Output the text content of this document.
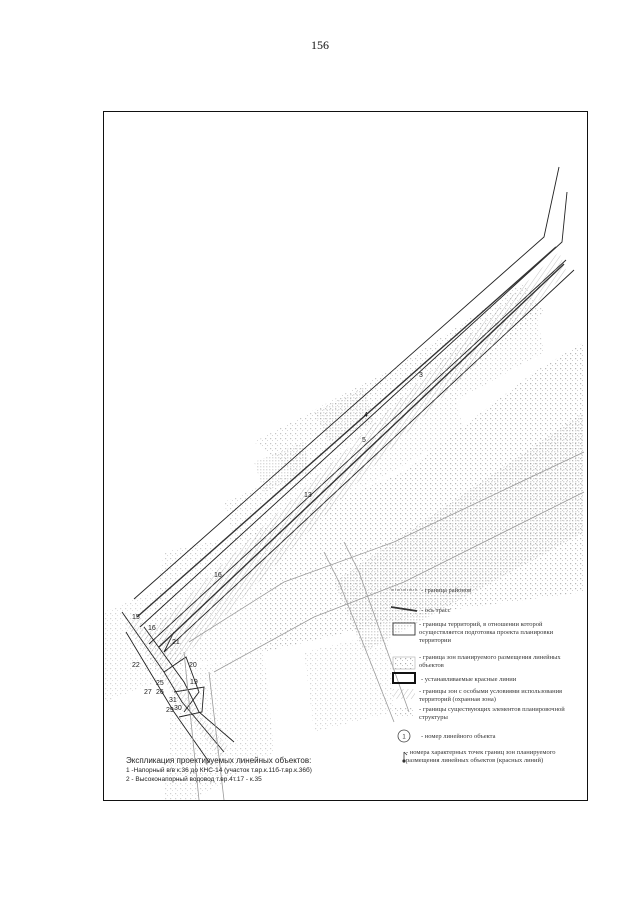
156
3
4
5
13
16
15
16
21
20
19
22
25
27 26
31
30
29
- граница районов
- ось трасс
- границы территорий, в отношении которой осуществляется подготовка проекта планировки территории
- граница зон планируемого размещения линейных объектов
- устанавливаемые красные линии
- границы зон с особыми условиями использования территорий (охранная зона)
- границы существующих элементов планировочной структуры
1 - номер линейного объекта
- номера характерных точек границ зон планируемого размещения линейных объектов (красных линий)
Экспликация проектируемых линейных объектов:
1 -Напорный в/в к.36 до КНС-14 (участок т.вр.к.11б-т.вр.к.36б)
2 - Высоконапорный водовод т.вр.4т.17 - к.35
